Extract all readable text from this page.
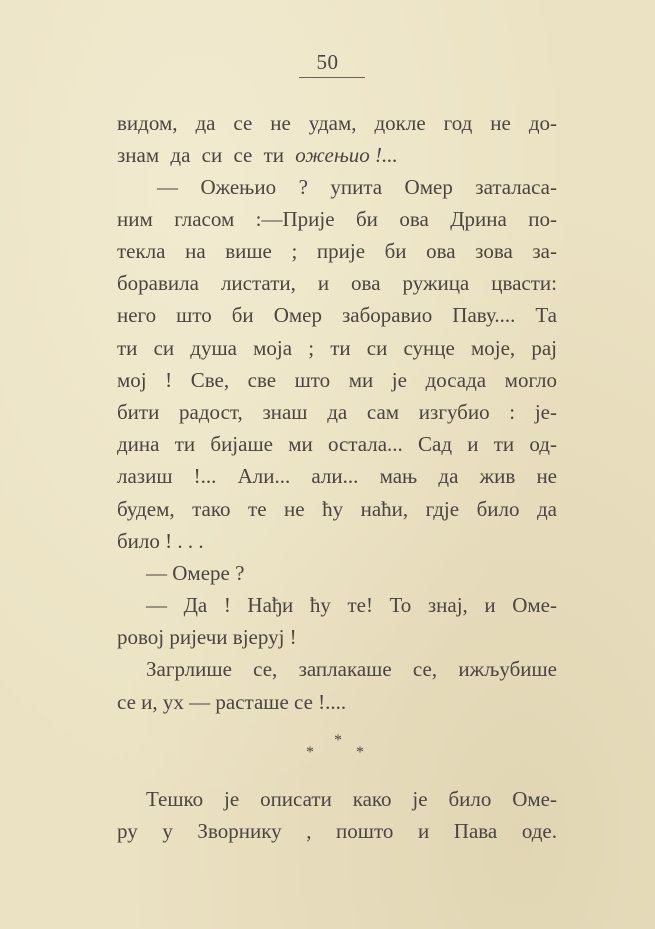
50
видом, да се не удам, докле год не до-
знам да си се ти ожењио !...
— Ожењио ? упита Омер заталаса-
ним гласом :—Прије би ова Дрина по-
текла на више ; прије би ова зова за-
боравила листати, и ова ружица цвасти:
него што би Омер заборавио Паву.... Та
ти си душа моја ; ти си сунце моје, рај
мој ! Све, све што ми је досада могло
бити радост, знаш да сам изгубио : је-
дина ти бијаше ми остала... Сад и ти од-
лазиш !... Али... али... мањ да жив не
будем, тако те не ћу наћи, гдје било да
било ! . . .
— Омере ?
— Да ! Нађи ћу те! То знај, и Оме-
ровој ријечи вјеруј !
Загрлише се, заплакаше се, ижљубише
се и, ух — расташе се !....
*
*	*
Тешко је описати како је било Оме-
ру у Зворнику , пошто и Пава оде.
